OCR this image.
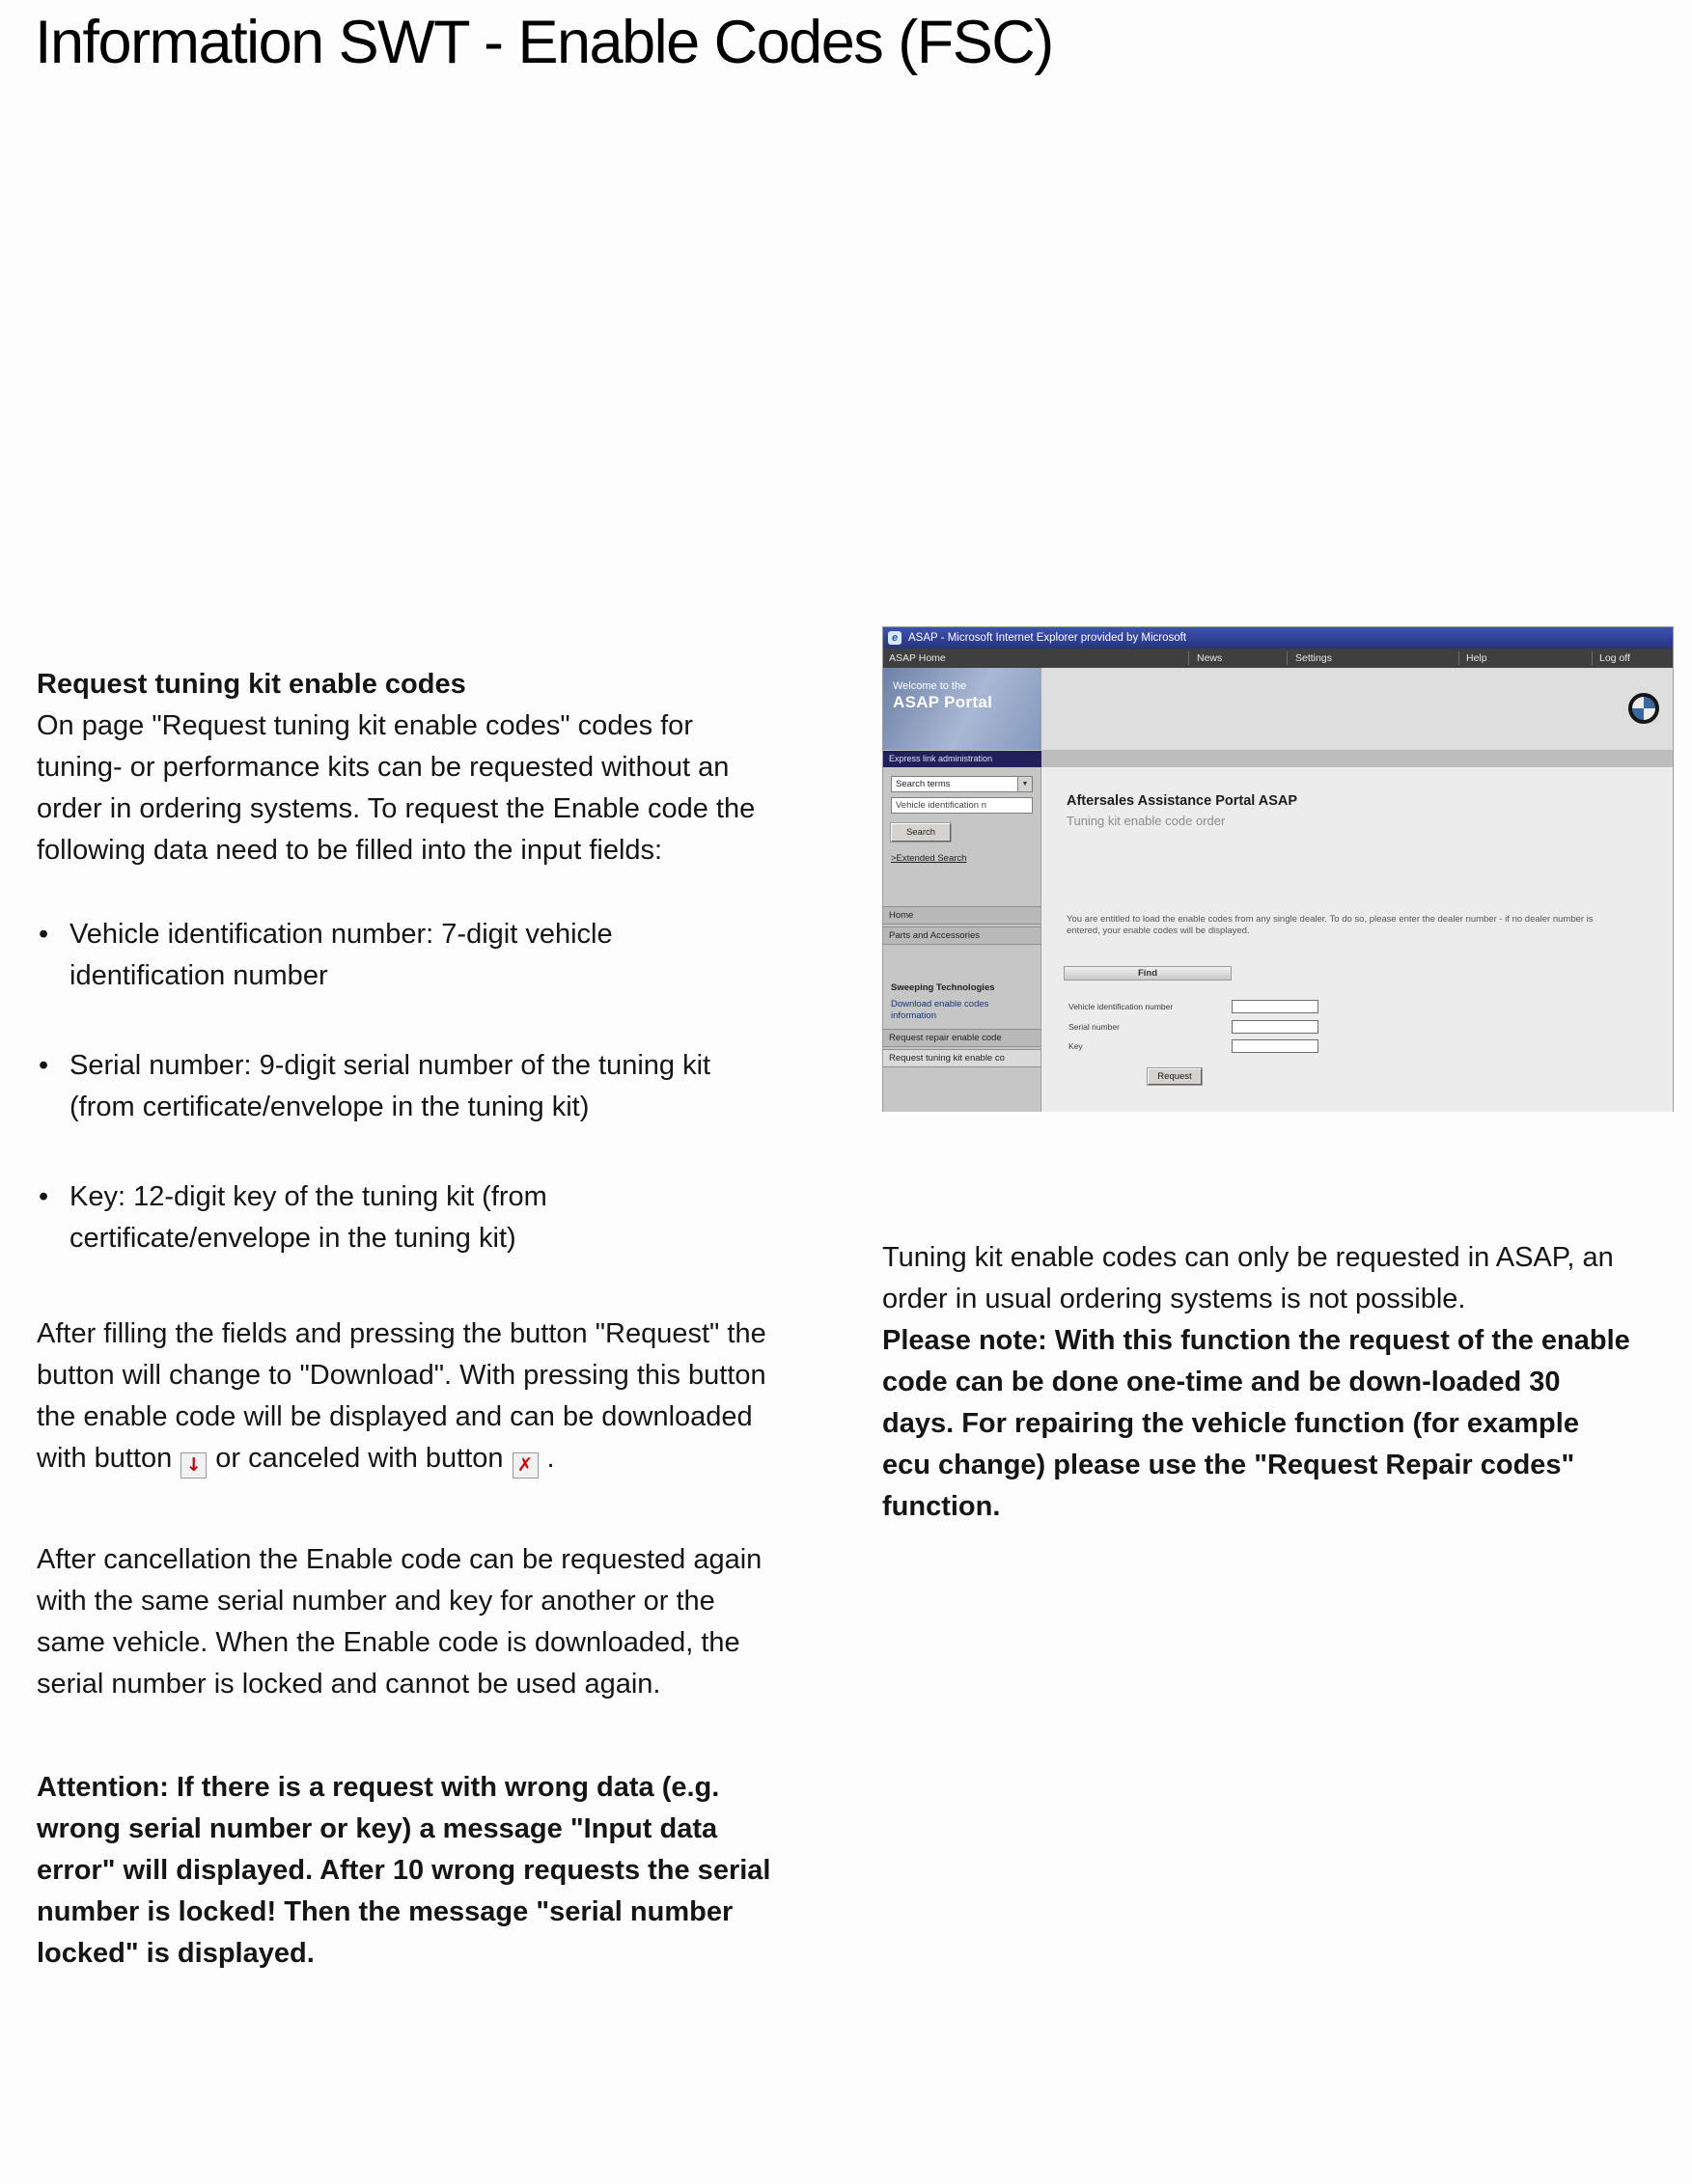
Information SWT - Enable Codes (FSC)
Request tuning kit enable codes

On page "Request tuning kit enable codes" codes for tuning- or performance kits can be requested without an order in ordering systems. To request the Enable code the following data need to be filled into the input fields:

• Vehicle identification number: 7-digit vehicle identification number
• Serial number: 9-digit serial number of the tuning kit (from certificate/envelope in the tuning kit)
• Key: 12-digit key of the tuning kit (from certificate/envelope in the tuning kit)

After filling the fields and pressing the button "Request" the button will change to "Download". With pressing this button the enable code will be displayed and can be downloaded with button ↓ or canceled with button ✗ .

After cancellation the Enable code can be requested again with the same serial number and key for another or the same vehicle. When the Enable code is downloaded, the serial number is locked and cannot be used again.

Attention: If there is a request with wrong data (e.g. wrong serial number or key) a message "Input data error" will displayed. After 10 wrong requests the serial number is locked! Then the message "serial number locked" is displayed.

e ASAP - Microsoft Internet Explorer provided by Microsoft
ASAP Home	News	Settings	Help	Log off
Welcome to the
ASAP Portal
Express link administration
Search terms	▼
Vehicle identification n
Search
>Extended Search
Home
Parts and Accessories
Sweeping Technologies
Download enable codes information
Request repair enable code
Request tuning kit enable co
Aftersales Assistance Portal ASAP
Tuning kit enable code order
You are entitled to load the enable codes from any single dealer. To do so, please enter the dealer number - if no dealer number is entered, your enable codes will be displayed.
Find
Vehicle identification number
Serial number
Key
Request

Tuning kit enable codes can only be requested in ASAP, an order in usual ordering systems is not possible.

Please note: With this function the request of the enable code can be done one-time and be down-loaded 30 days. For repairing the vehicle function (for example ecu change) please use the "Request Repair codes" function.
